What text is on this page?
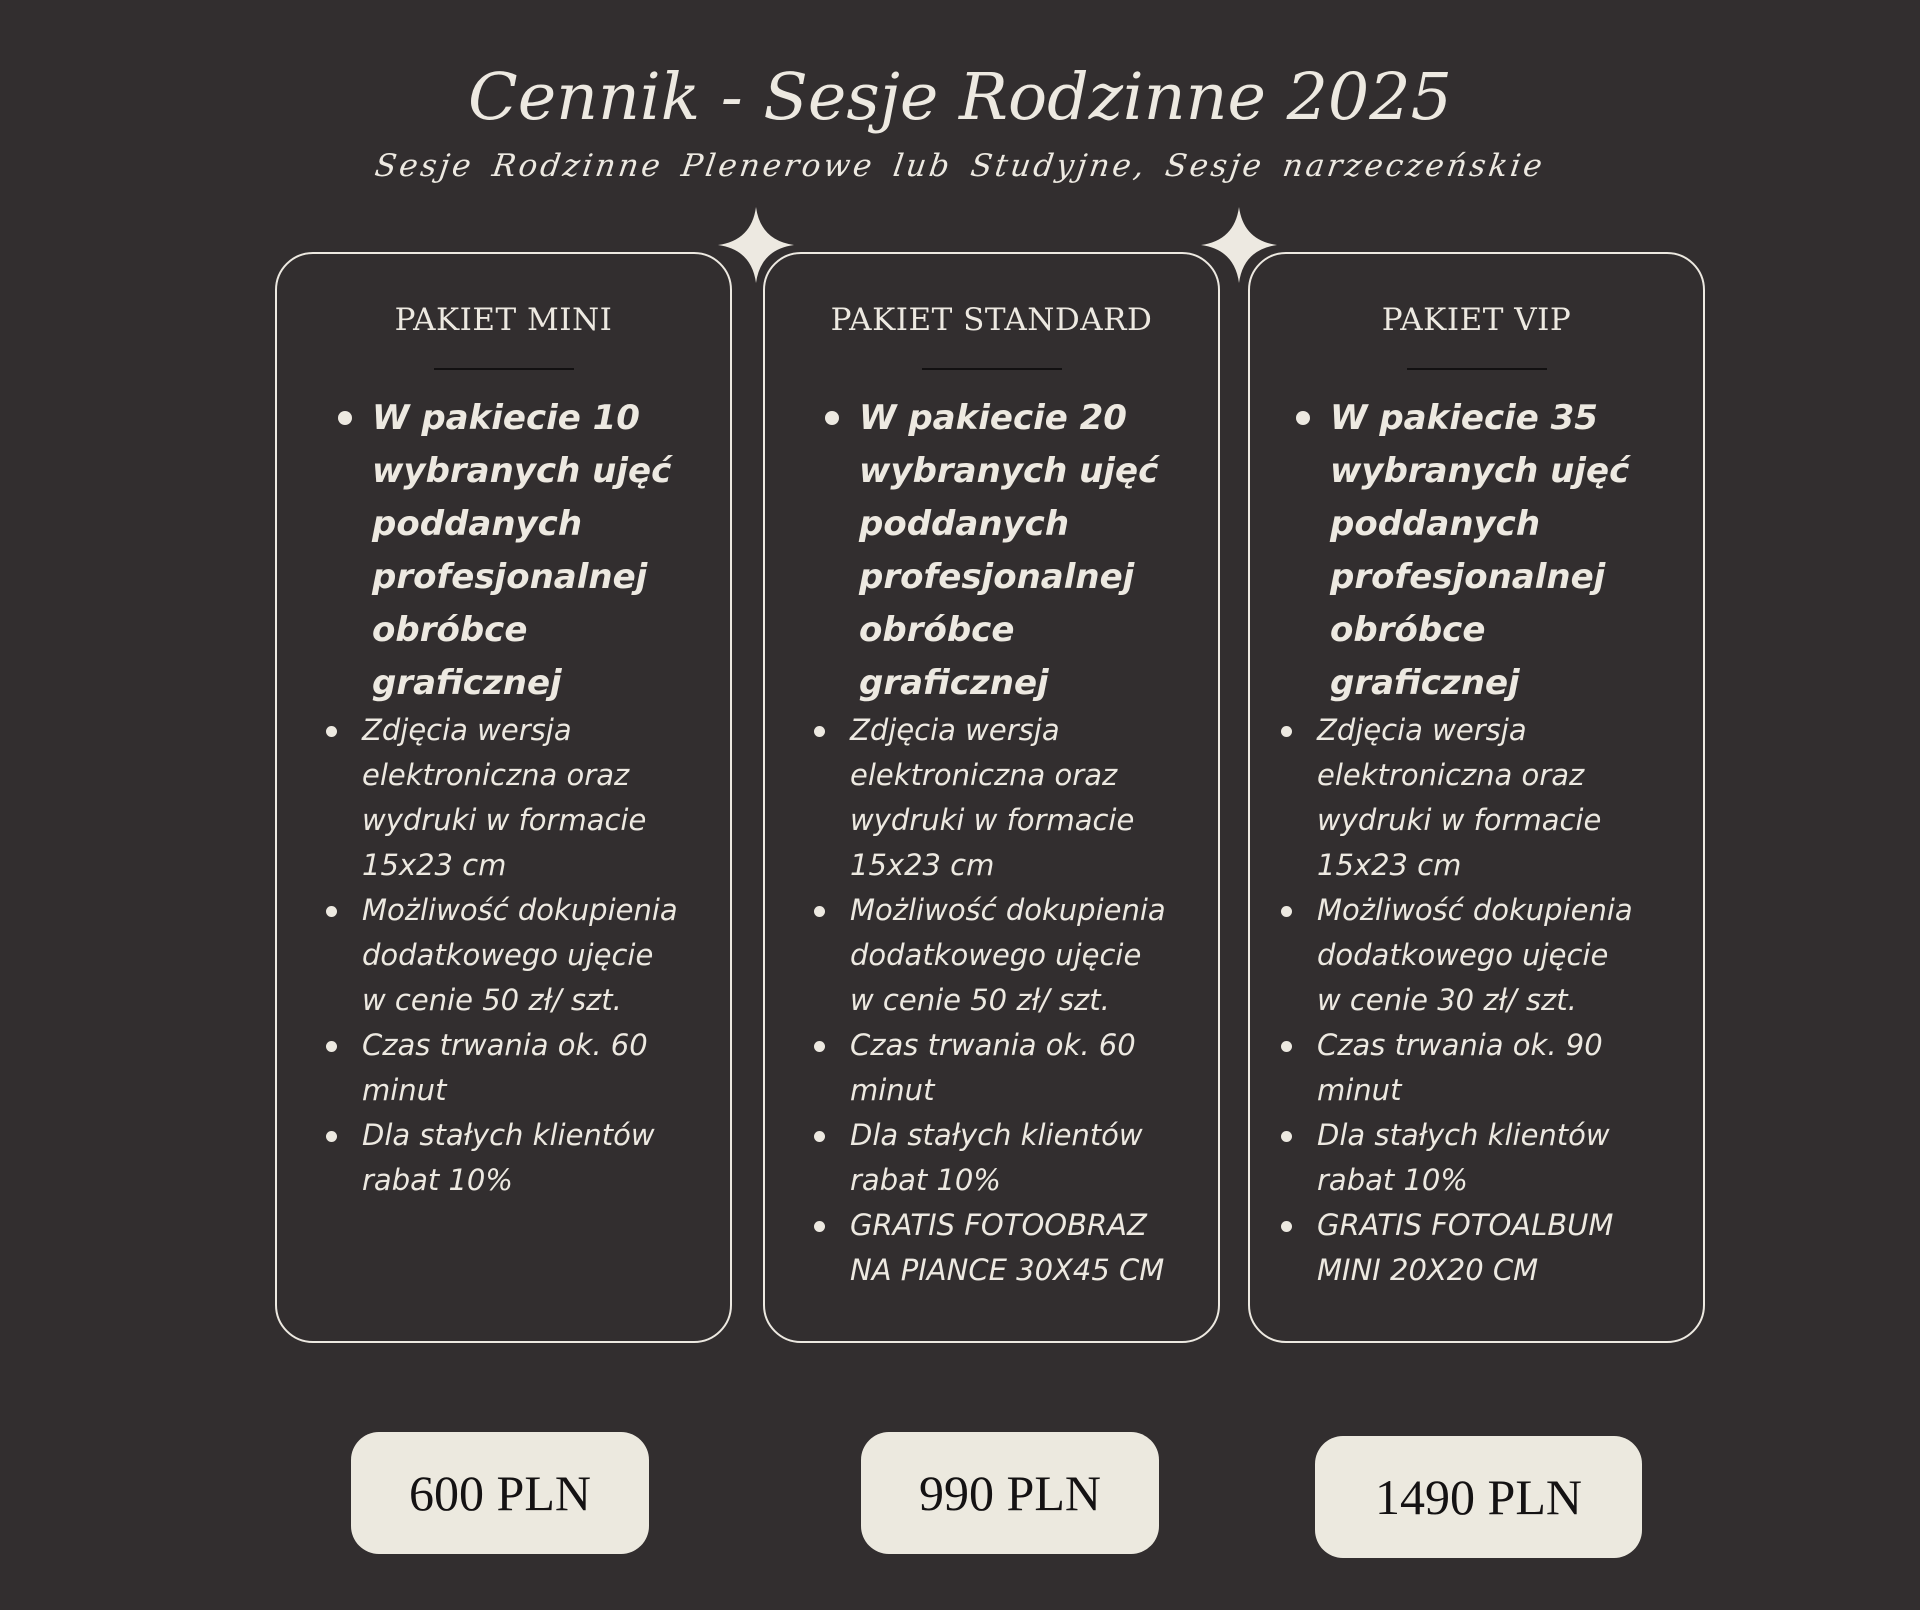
Cennik - Sesje Rodzinne 2025
Sesje Rodzinne Plenerowe lub Studyjne, Sesje narzeczeńskie
PAKIET MINI
W pakiecie 10
wybranych ujęć
poddanych
profesjonalnej
obróbce
graficznej
Zdjęcia wersja
elektroniczna oraz
wydruki w formacie
15x23 cm
Możliwość dokupienia
dodatkowego ujęcie
w cenie 50 zł/ szt.
Czas trwania ok. 60
minut
Dla stałych klientów
rabat 10%
PAKIET STANDARD
W pakiecie 20
wybranych ujęć
poddanych
profesjonalnej
obróbce
graficznej
Zdjęcia wersja
elektroniczna oraz
wydruki w formacie
15x23 cm
Możliwość dokupienia
dodatkowego ujęcie
w cenie 50 zł/ szt.
Czas trwania ok. 60
minut
Dla stałych klientów
rabat 10%
GRATIS FOTOOBRAZ
NA PIANCE 30X45 CM
PAKIET VIP
W pakiecie 35
wybranych ujęć
poddanych
profesjonalnej
obróbce
graficznej
Zdjęcia wersja
elektroniczna oraz
wydruki w formacie
15x23 cm
Możliwość dokupienia
dodatkowego ujęcie
w cenie 30 zł/ szt.
Czas trwania ok. 90
minut
Dla stałych klientów
rabat 10%
GRATIS FOTOALBUM
MINI 20X20 CM
600 PLN	990 PLN	1490 PLN
